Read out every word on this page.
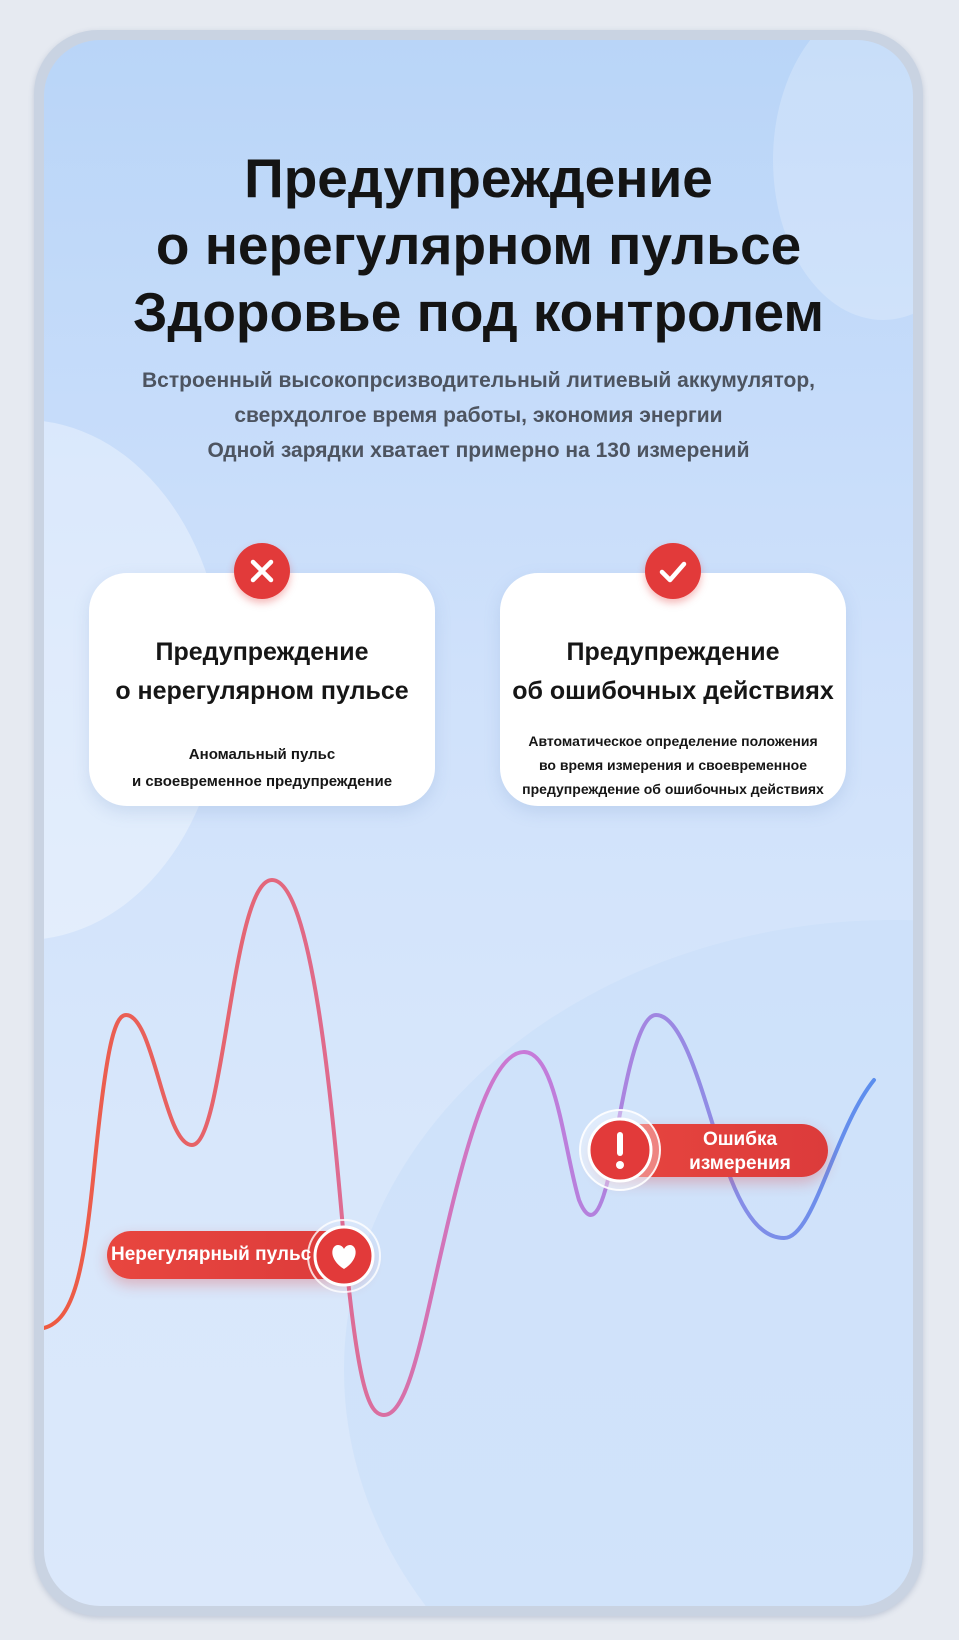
Предупреждение
о нерегулярном пульсе
Здоровье под контролем
Встроенный высокопрсизводительный литиевый аккумулятор,
сверхдолгое время работы, экономия энергии
Одной зарядки хватает примерно на 130 измерений
Предупреждение
о нерегулярном пульсе
Аномальный пульс
и своевременное предупреждение
Предупреждение
об ошибочных действиях
Автоматическое определение положения
во время измерения и своевременное
предупреждение об ошибочных действиях
Нерегулярный пульс
Ошибка
измерения
